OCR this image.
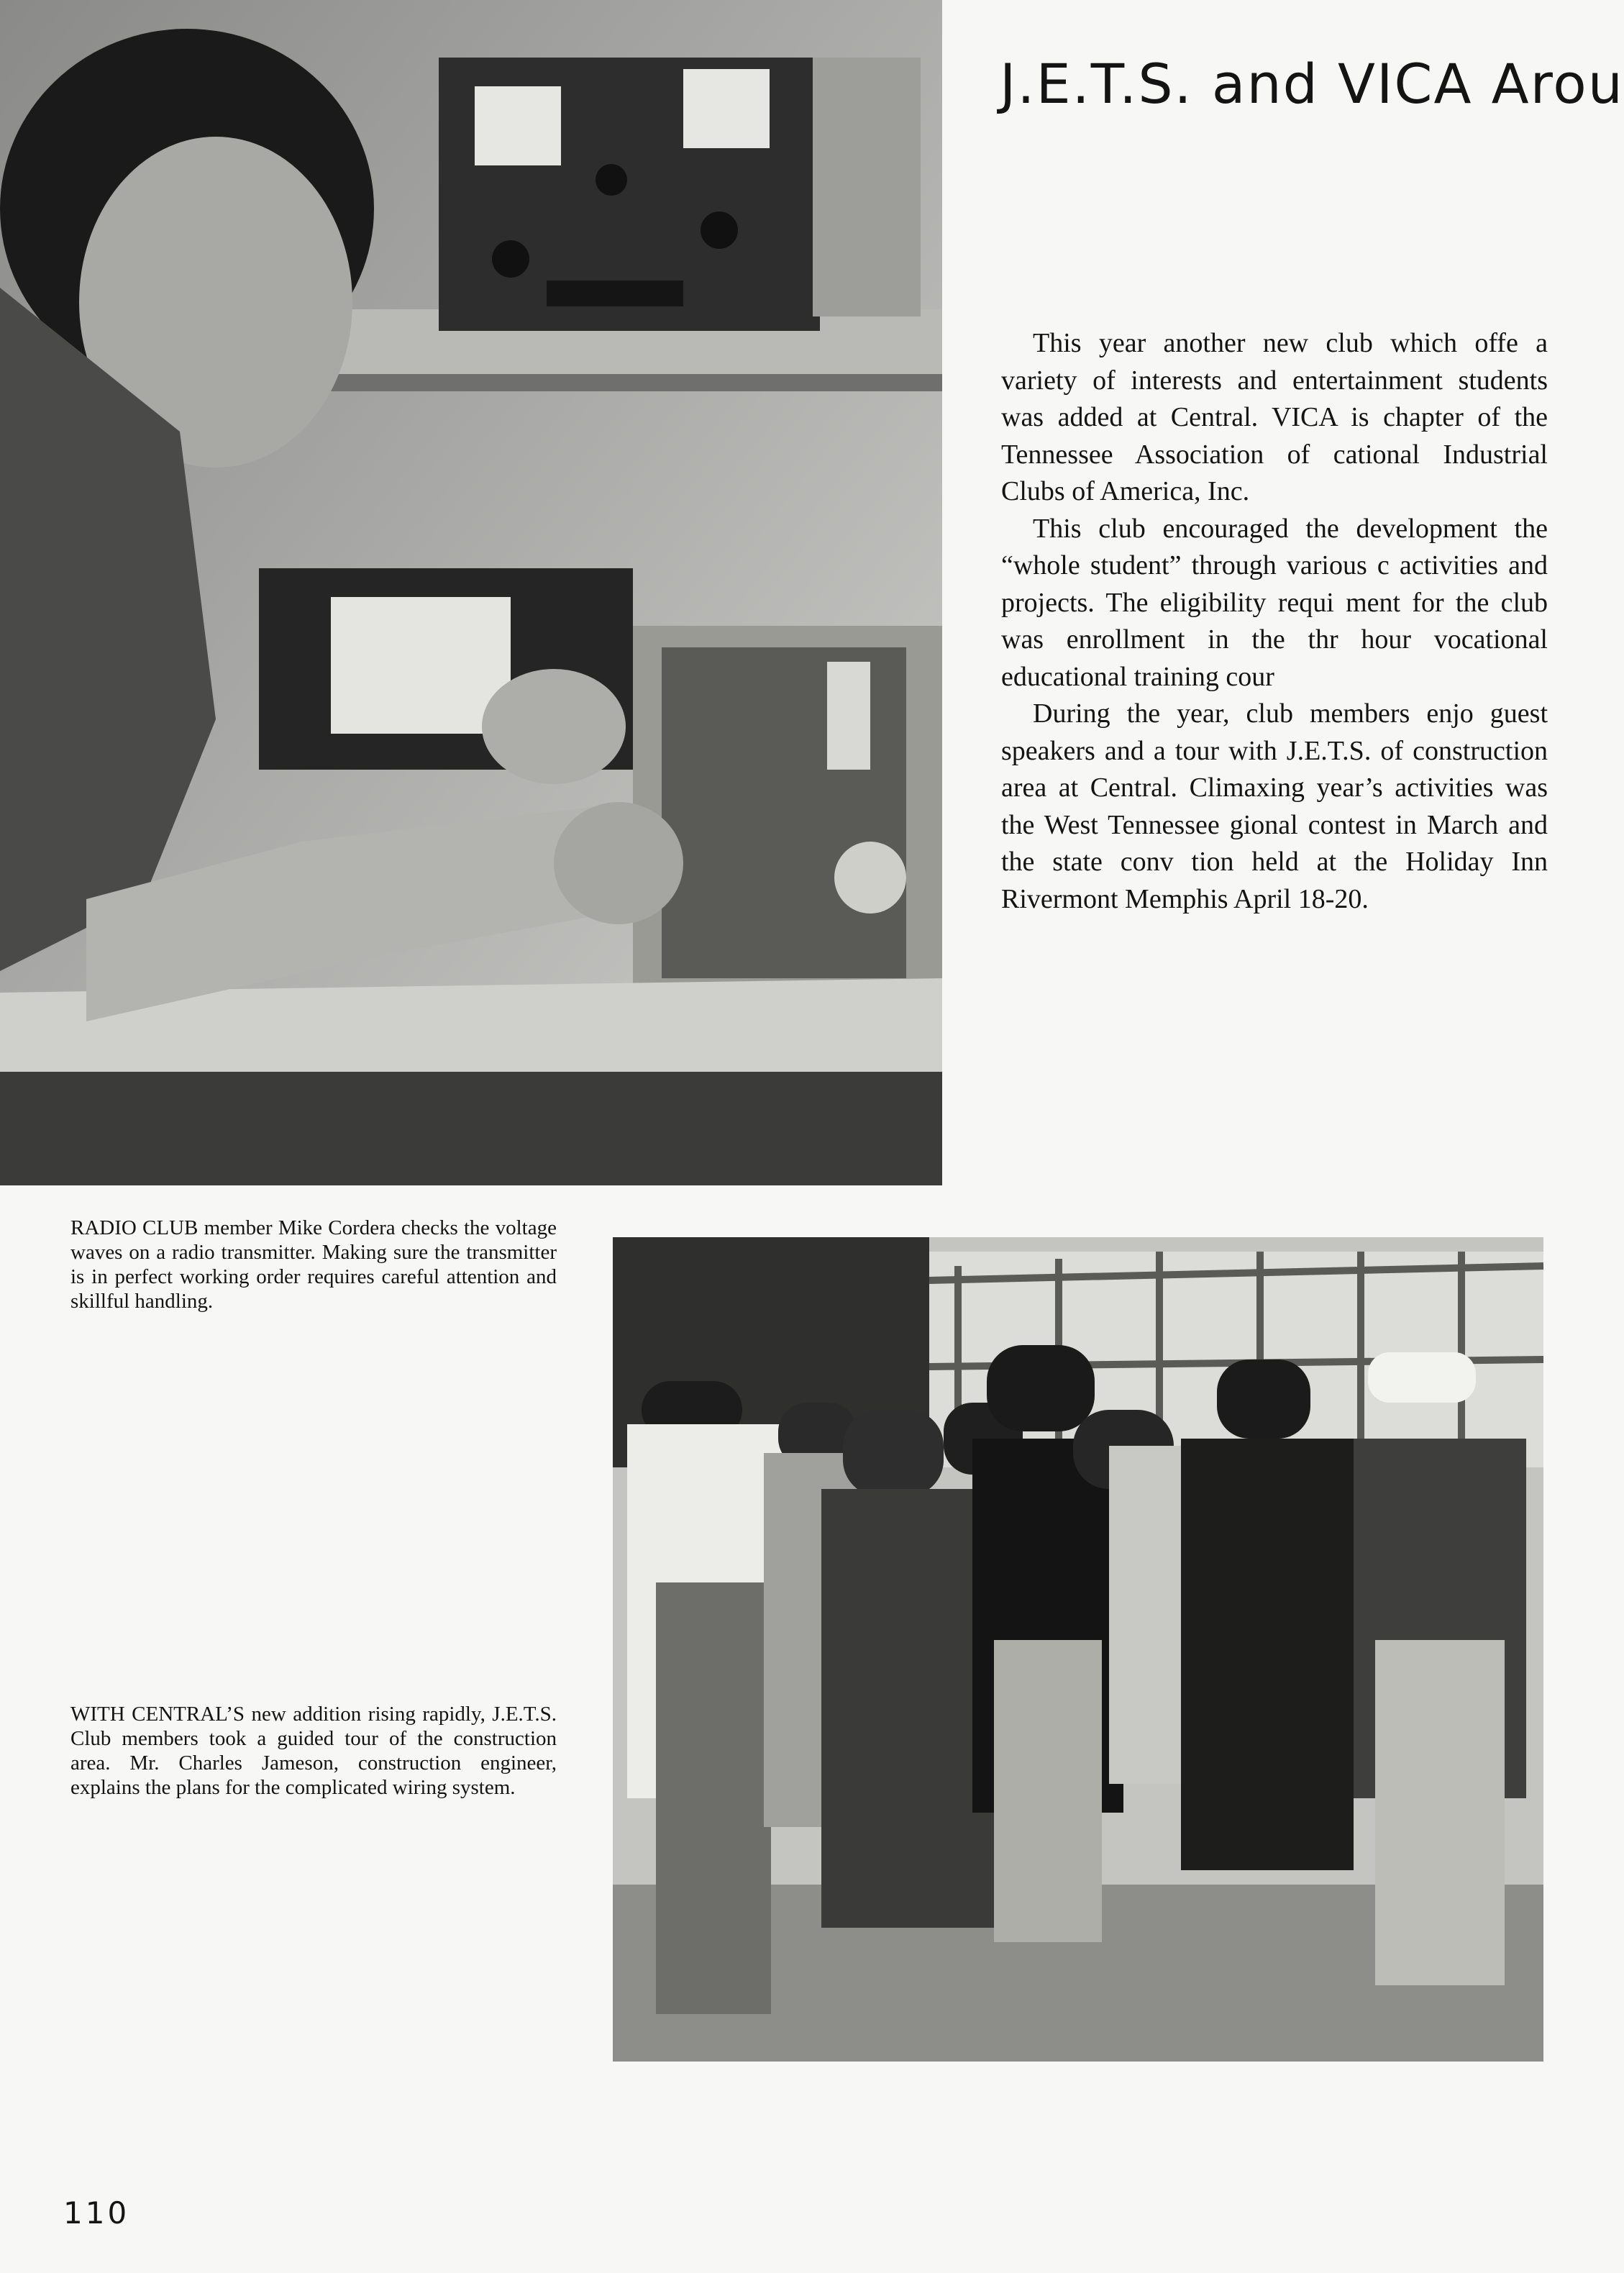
J.E.T.S. and VICA Arou

This year another new club which offe a variety of interests and entertainment students was added at Central. VICA is chapter of the Tennessee Association of cational Industrial Clubs of America, Inc.

This club encouraged the development the “whole student” through various c activities and projects. The eligibility requi ment for the club was enrollment in the thr hour vocational educational training cour

During the year, club members enjo guest speakers and a tour with J.E.T.S. of construction area at Central. Climaxing year’s activities was the West Tennessee gional contest in March and the state conv tion held at the Holiday Inn Rivermont Memphis April 18-20.

RADIO CLUB member Mike Cordera checks the voltage waves on a radio transmitter. Making sure the transmitter is in perfect working order requires careful attention and skillful handling.

WITH CENTRAL’S new addition rising rapidly, J.E.T.S. Club members took a guided tour of the construction area. Mr. Charles Jameson, construction engineer, explains the plans for the complicated wiring system.

110
